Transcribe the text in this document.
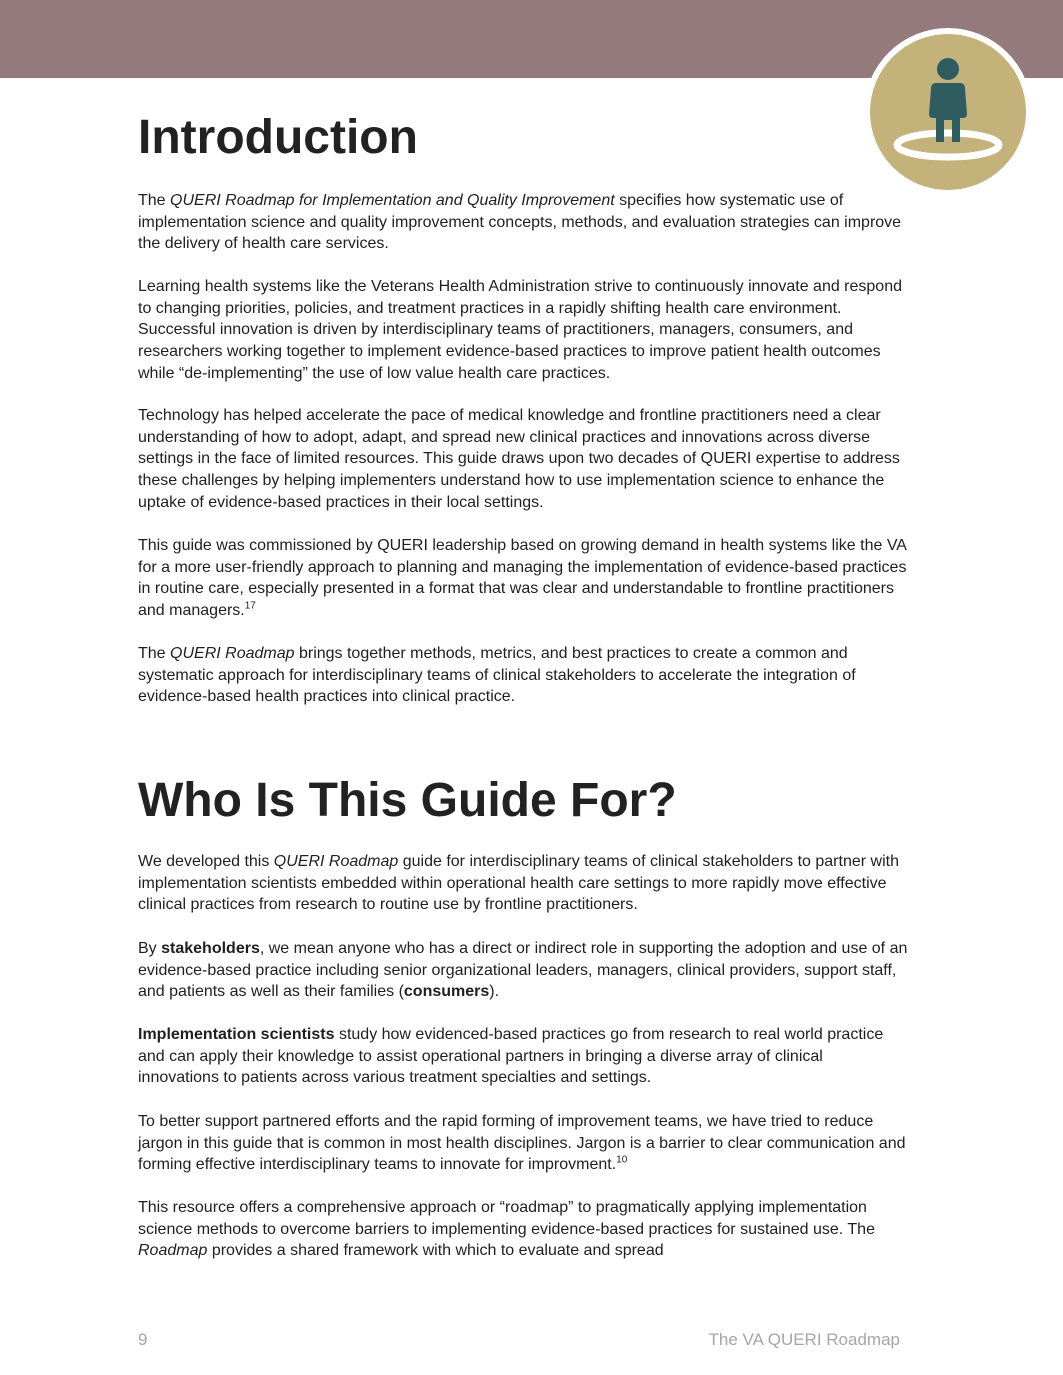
Introduction

The QUERI Roadmap for Implementation and Quality Improvement specifies how systematic use of implementation science and quality improvement concepts, methods, and evaluation strategies can improve the delivery of health care services.

Learning health systems like the Veterans Health Administration strive to continuously innovate and respond to changing priorities, policies, and treatment practices in a rapidly shifting health care environment. Successful innovation is driven by interdisciplinary teams of practitioners, managers, consumers, and researchers working together to implement evidence-based practices to improve patient health outcomes while “de-implementing” the use of low value health care practices.

Technology has helped accelerate the pace of medical knowledge and frontline practitioners need a clear understanding of how to adopt, adapt, and spread new clinical practices and innovations across diverse settings in the face of limited resources. This guide draws upon two decades of QUERI expertise to address these challenges by helping implementers understand how to use implementation science to enhance the uptake of evidence-based practices in their local settings.

This guide was commissioned by QUERI leadership based on growing demand in health systems like the VA for a more user-friendly approach to planning and managing the implementation of evidence-based practices in routine care, especially presented in a format that was clear and understandable to frontline practitioners and managers.$^{17}$

The QUERI Roadmap brings together methods, metrics, and best practices to create a common and systematic approach for interdisciplinary teams of clinical stakeholders to accelerate the integration of evidence-based health practices into clinical practice.

Who Is This Guide For?

We developed this QUERI Roadmap guide for interdisciplinary teams of clinical stakeholders to partner with implementation scientists embedded within operational health care settings to more rapidly move effective clinical practices from research to routine use by frontline practitioners.

By stakeholders, we mean anyone who has a direct or indirect role in supporting the adoption and use of an evidence-based practice including senior organizational leaders, managers, clinical providers, support staff, and patients as well as their families (consumers).

Implementation scientists study how evidenced-based practices go from research to real world practice and can apply their knowledge to assist operational partners in bringing a diverse array of clinical innovations to patients across various treatment specialties and settings.

To better support partnered efforts and the rapid forming of improvement teams, we have tried to reduce jargon in this guide that is common in most health disciplines. Jargon is a barrier to clear communication and forming effective interdisciplinary teams to innovate for improvment.$^{10}$

This resource offers a comprehensive approach or “roadmap” to pragmatically applying implementation science methods to overcome barriers to implementing evidence-based practices for sustained use. The Roadmap provides a shared framework with which to evaluate and spread

9	The VA QUERI Roadmap
